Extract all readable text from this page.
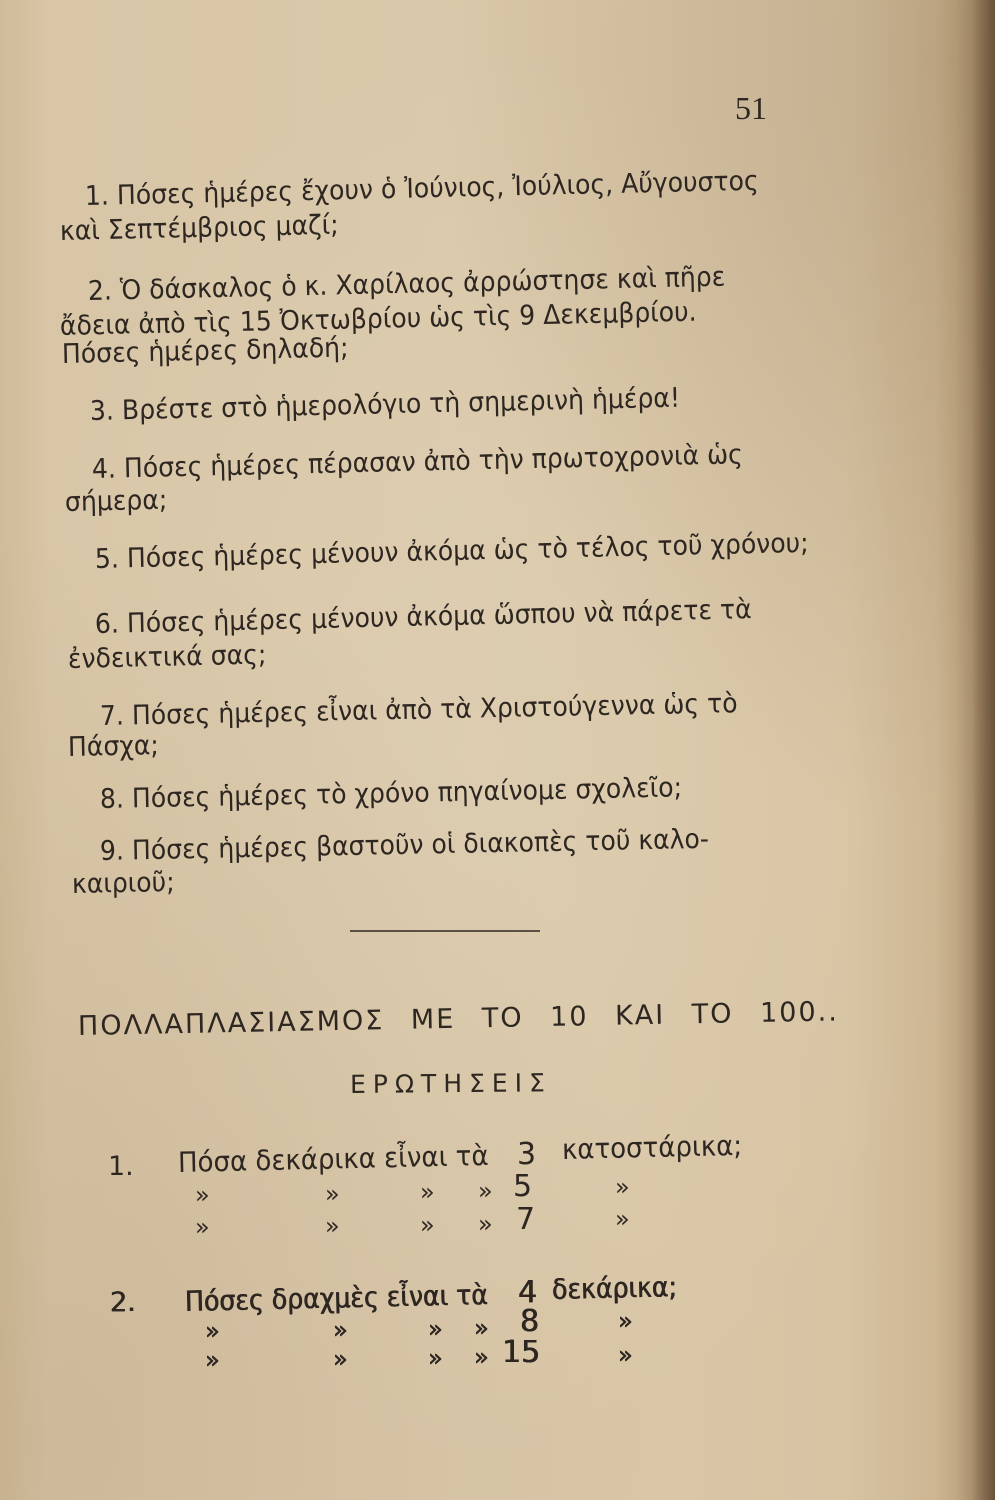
51
1. Πόσες ἡμέρες ἔχουν ὁ Ἰούνιος, Ἰούλιος, Αὔγουστος
καὶ Σεπτέμβριος μαζί;
2. Ὁ δάσκαλος ὁ κ. Χαρίλαος ἀρρώστησε καὶ πῆρε
ἄδεια ἀπὸ τὶς 15 Ὀκτωβρίου ὡς τὶς 9 Δεκεμβρίου.
Πόσες ἡμέρες δηλαδή;
3. Βρέστε στὸ ἡμερολόγιο τὴ σημερινὴ ἡμέρα!
4. Πόσες ἡμέρες πέρασαν ἀπὸ τὴν πρωτοχρονιὰ ὡς
σήμερα;
5. Πόσες ἡμέρες μένουν ἀκόμα ὡς τὸ τέλος τοῦ χρόνου;
6. Πόσες ἡμέρες μένουν ἀκόμα ὥσπου νὰ πάρετε τὰ
ἐνδεικτικά σας;
7. Πόσες ἡμέρες εἶναι ἀπὸ τὰ Χριστούγεννα ὡς τὸ
Πάσχα;
8. Πόσες ἡμέρες τὸ χρόνο πηγαίνομε σχολεῖο;
9. Πόσες ἡμέρες βαστοῦν οἱ διακοπὲς τοῦ καλο-
καιριοῦ;
ΠΟΛΛΑΠΛΑΣΙΑΣΜΟΣ ΜΕ ΤΟ 10 ΚΑΙ ΤΟ 100..
ΕΡΩΤΗΣΕΙΣ
1. Πόσα δεκάρικα εἶναι τὰ 3 κατοστάρικα;
»	»	» » 5	»
»	»	» » 7	»
2. Πόσες δραχμὲς εἶναι τὰ 4 δεκάρικα;
»	»	» » 8	»
»	»	» » 15	»
